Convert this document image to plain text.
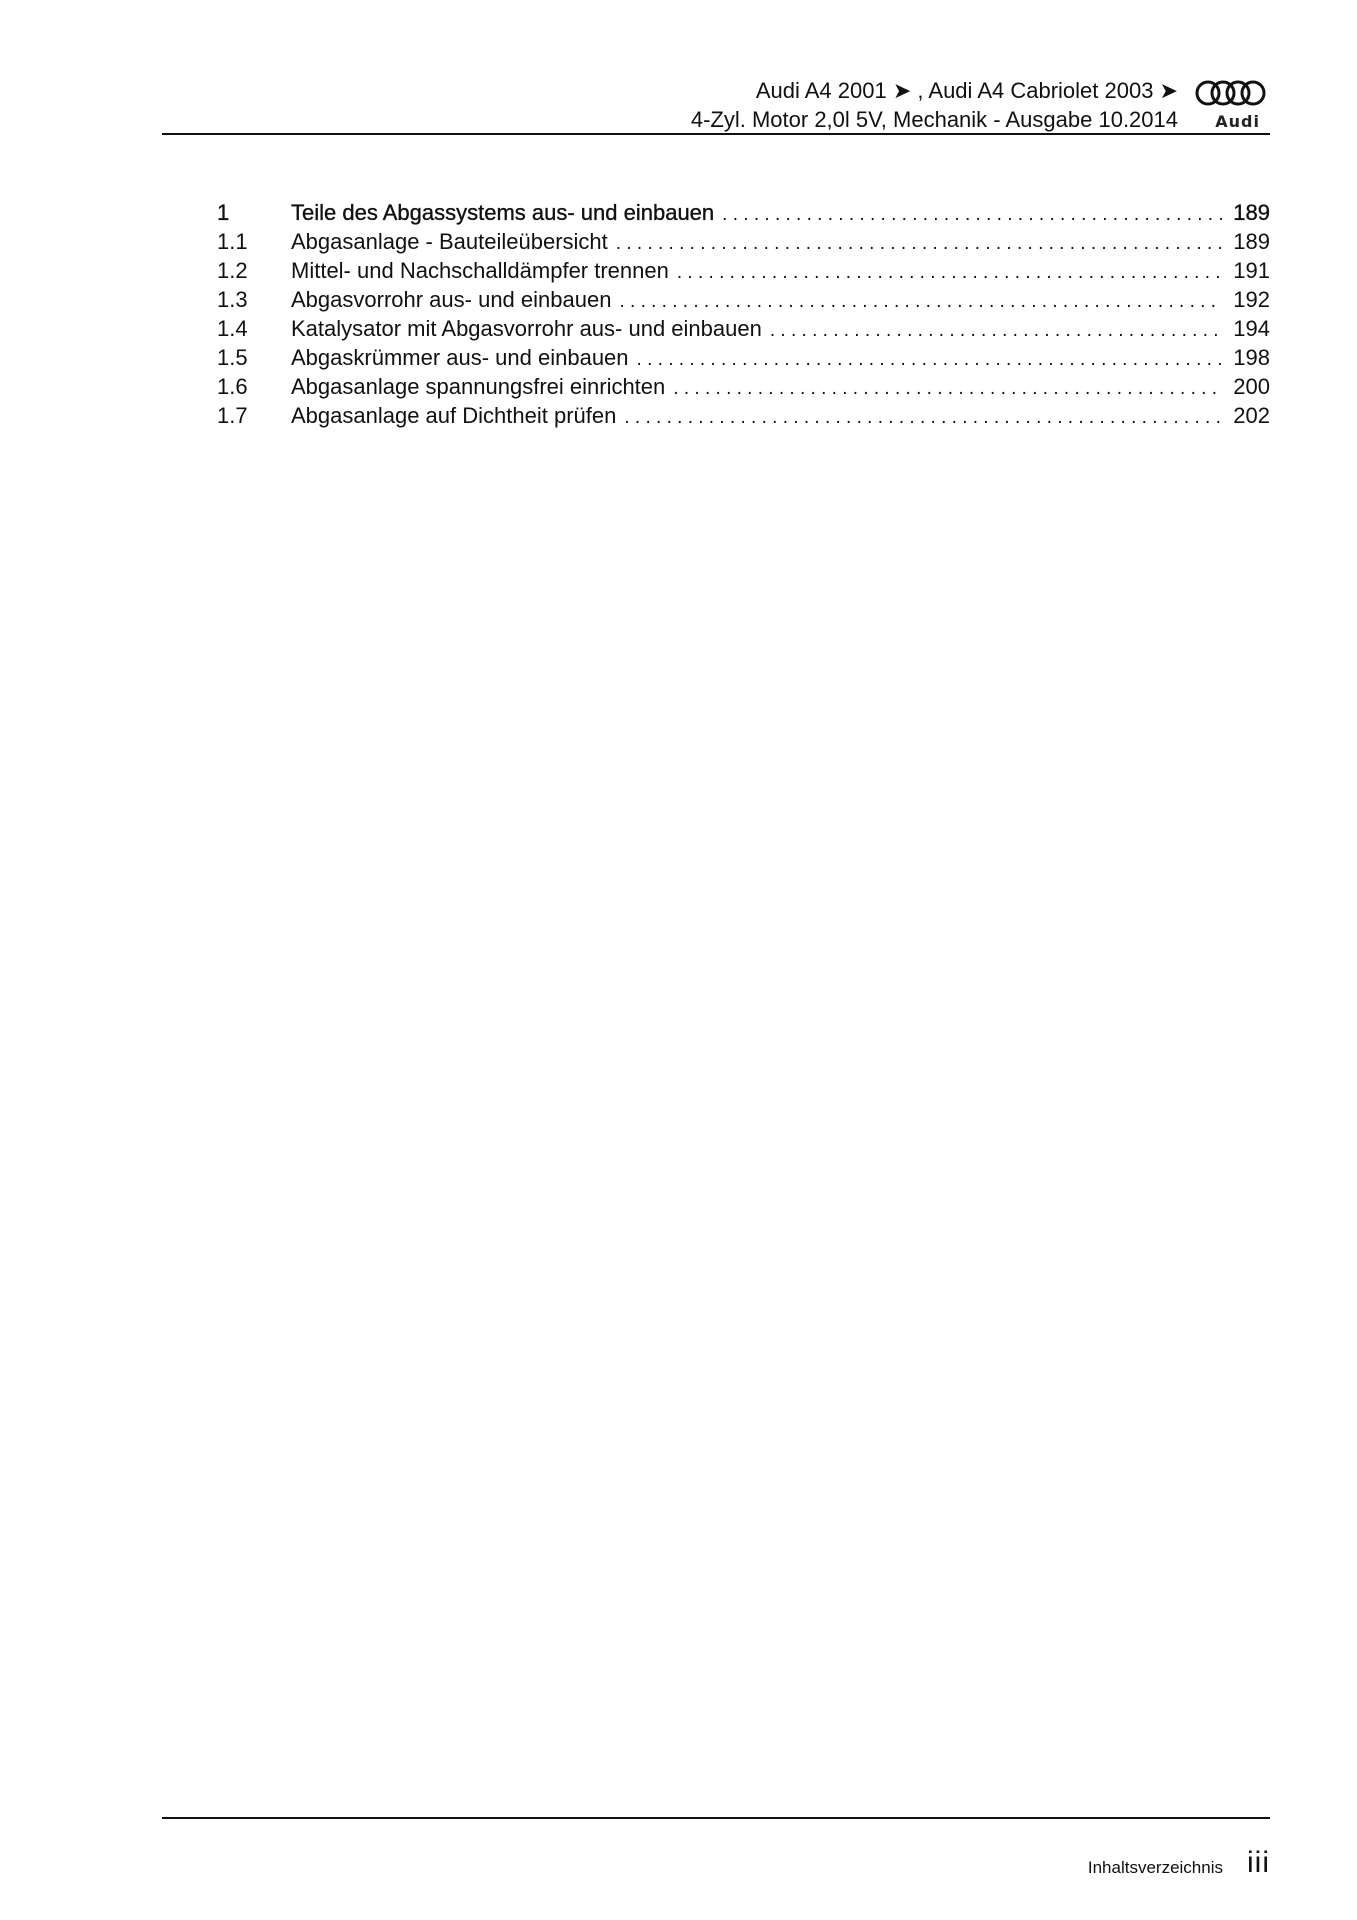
Audi A4 2001 ➤ , Audi A4 Cabriolet 2003 ➤
4-Zyl. Motor 2,0l 5V, Mechanik - Ausgabe 10.2014 Audi
1	Teile des Abgassystems aus- und einbauen . . .	189
1.1	Abgasanlage - Bauteileübersicht . . .	189
1.2	Mittel- und Nachschalldämpfer trennen . . .	191
1.3	Abgasvorrohr aus- und einbauen . . .	192
1.4	Katalysator mit Abgasvorrohr aus- und einbauen . . .	194
1.5	Abgaskrümmer aus- und einbauen . . .	198
1.6	Abgasanlage spannungsfrei einrichten . . .	200
1.7	Abgasanlage auf Dichtheit prüfen . . .	202
Inhaltsverzeichnis iii
